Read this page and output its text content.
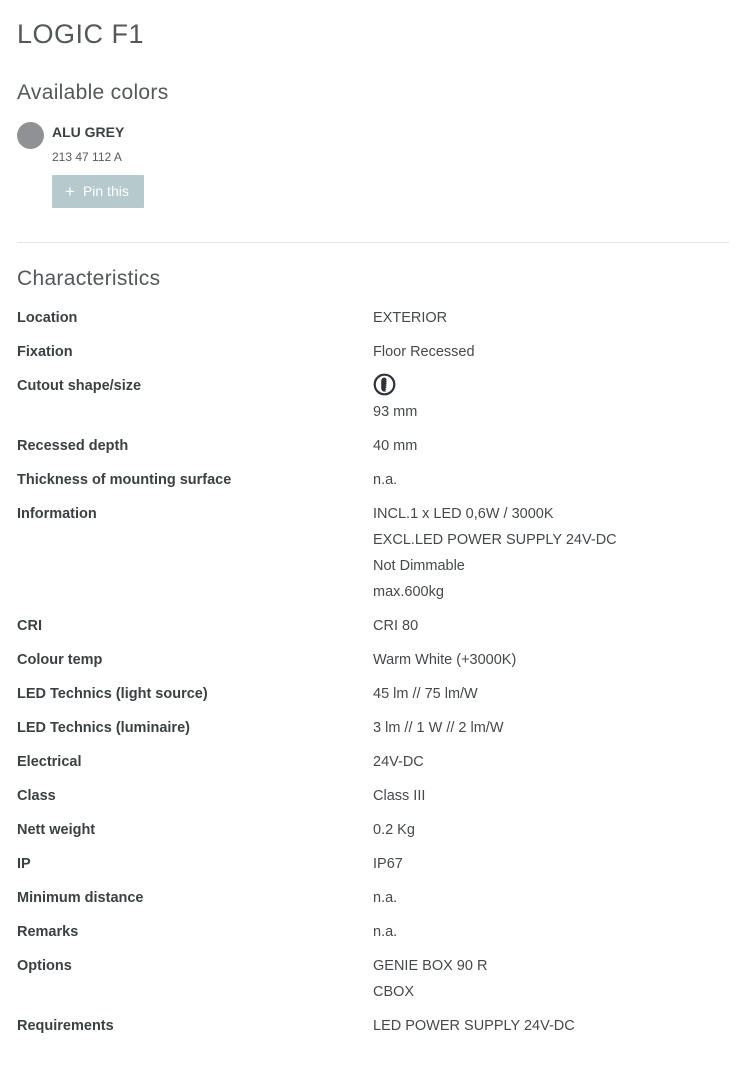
LOGIC F1
Available colors
ALU GREY
213 47 112 A
+ Pin this
Characteristics
Location	EXTERIOR
Fixation	Floor Recessed
Cutout shape/size
93 mm
Recessed depth	40 mm
Thickness of mounting surface	n.a.
Information	INCL.1 x LED 0,6W / 3000K
EXCL.LED POWER SUPPLY 24V-DC
Not Dimmable
max.600kg
CRI	CRI 80
Colour temp	Warm White (+3000K)
LED Technics (light source)	45 lm // 75 lm/W
LED Technics (luminaire)	3 lm // 1 W // 2 lm/W
Electrical	24V-DC
Class	Class III
Nett weight	0.2 Kg
IP	IP67
Minimum distance	n.a.
Remarks	n.a.
Options	GENIE BOX 90 R
CBOX
Requirements	LED POWER SUPPLY 24V-DC
